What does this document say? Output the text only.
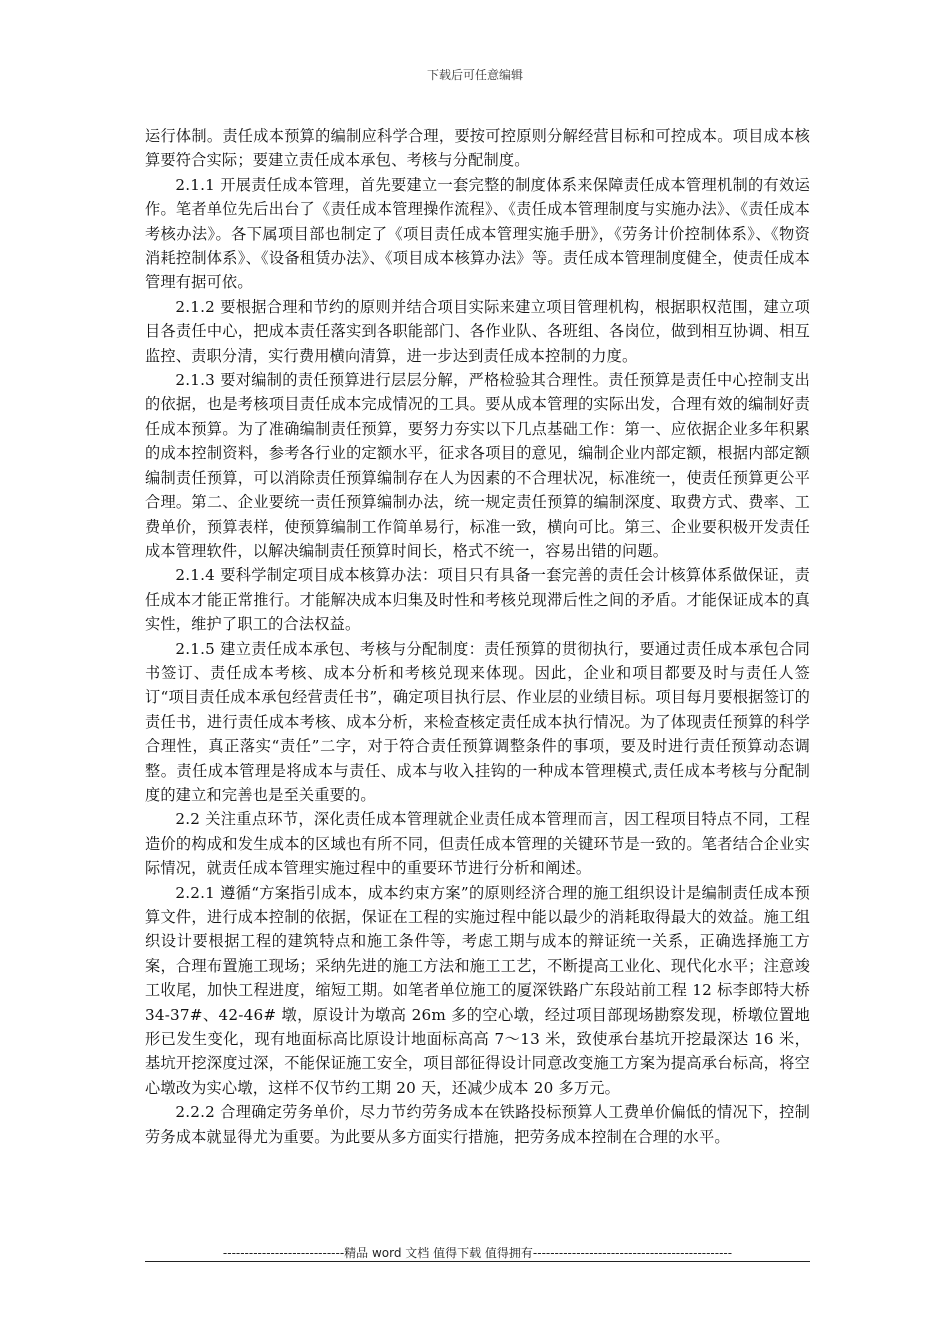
下载后可任意编辑

运行体制。责任成本预算的编制应科学合理，要按可控原则分解经营目标和可控成本。项目成本核算要符合实际；要建立责任成本承包、考核与分配制度。

2.1.1 开展责任成本管理，首先要建立一套完整的制度体系来保障责任成本管理机制的有效运作。笔者单位先后出台了《责任成本管理操作流程》、《责任成本管理制度与实施办法》、《责任成本考核办法》。各下属项目部也制定了《项目责任成本管理实施手册》，《劳务计价控制体系》、《物资消耗控制体系》、《设备租赁办法》、《项目成本核算办法》等。责任成本管理制度健全，使责任成本管理有据可依。

2.1.2 要根据合理和节约的原则并结合项目实际来建立项目管理机构，根据职权范围，建立项目各责任中心，把成本责任落实到各职能部门、各作业队、各班组、各岗位，做到相互协调、相互监控、责职分清，实行费用横向清算，进一步达到责任成本控制的力度。

2.1.3 要对编制的责任预算进行层层分解，严格检验其合理性。责任预算是责任中心控制支出的依据，也是考核项目责任成本完成情况的工具。要从成本管理的实际出发，合理有效的编制好责任成本预算。为了准确编制责任预算，要努力夯实以下几点基础工作：第一、应依据企业多年积累的成本控制资料，参考各行业的定额水平，征求各项目的意见，编制企业内部定额，根据内部定额编制责任预算，可以消除责任预算编制存在人为因素的不合理状况，标准统一，使责任预算更公平合理。第二、企业要统一责任预算编制办法，统一规定责任预算的编制深度、取费方式、费率、工费单价，预算表样，使预算编制工作简单易行，标准一致，横向可比。第三、企业要积极开发责任成本管理软件，以解决编制责任预算时间长，格式不统一，容易出错的问题。

2.1.4 要科学制定项目成本核算办法：项目只有具备一套完善的责任会计核算体系做保证，责任成本才能正常推行。才能解决成本归集及时性和考核兑现滞后性之间的矛盾。才能保证成本的真实性，维护了职工的合法权益。

2.1.5 建立责任成本承包、考核与分配制度：责任预算的贯彻执行，要通过责任成本承包合同书签订、责任成本考核、成本分析和考核兑现来体现。因此，企业和项目都要及时与责任人签订“项目责任成本承包经营责任书”，确定项目执行层、作业层的业绩目标。项目每月要根据签订的责任书，进行责任成本考核、成本分析，来检查核定责任成本执行情况。为了体现责任预算的科学合理性，真正落实“责任”二字，对于符合责任预算调整条件的事项，要及时进行责任预算动态调整。责任成本管理是将成本与责任、成本与收入挂钩的一种成本管理模式,责任成本考核与分配制度的建立和完善也是至关重要的。

2.2 关注重点环节，深化责任成本管理就企业责任成本管理而言，因工程项目特点不同，工程造价的构成和发生成本的区域也有所不同，但责任成本管理的关键环节是一致的。笔者结合企业实际情况，就责任成本管理实施过程中的重要环节进行分析和阐述。

2.2.1 遵循“方案指引成本，成本约束方案”的原则经济合理的施工组织设计是编制责任成本预算文件，进行成本控制的依据，保证在工程的实施过程中能以最少的消耗取得最大的效益。施工组织设计要根据工程的建筑特点和施工条件等，考虑工期与成本的辩证统一关系，正确选择施工方案，合理布置施工现场；采纳先进的施工方法和施工工艺，不断提高工业化、现代化水平；注意竣工收尾，加快工程进度，缩短工期。如笔者单位施工的厦深铁路广东段站前工程 12 标李郎特大桥 34-37#、42-46# 墩，原设计为墩高 26m 多的空心墩，经过项目部现场勘察发现，桥墩位置地形已发生变化，现有地面标高比原设计地面标高高 7～13 米，致使承台基坑开挖最深达 16 米，基坑开挖深度过深，不能保证施工安全，项目部征得设计同意改变施工方案为提高承台标高，将空心墩改为实心墩，这样不仅节约工期 20 天，还减少成本 20 多万元。

2.2.2 合理确定劳务单价，尽力节约劳务成本在铁路投标预算人工费单价偏低的情况下，控制劳务成本就显得尤为重要。为此要从多方面实行措施，把劳务成本控制在合理的水平。

----------------------------精品 word 文档 值得下载 值得拥有----------------------------------------------
